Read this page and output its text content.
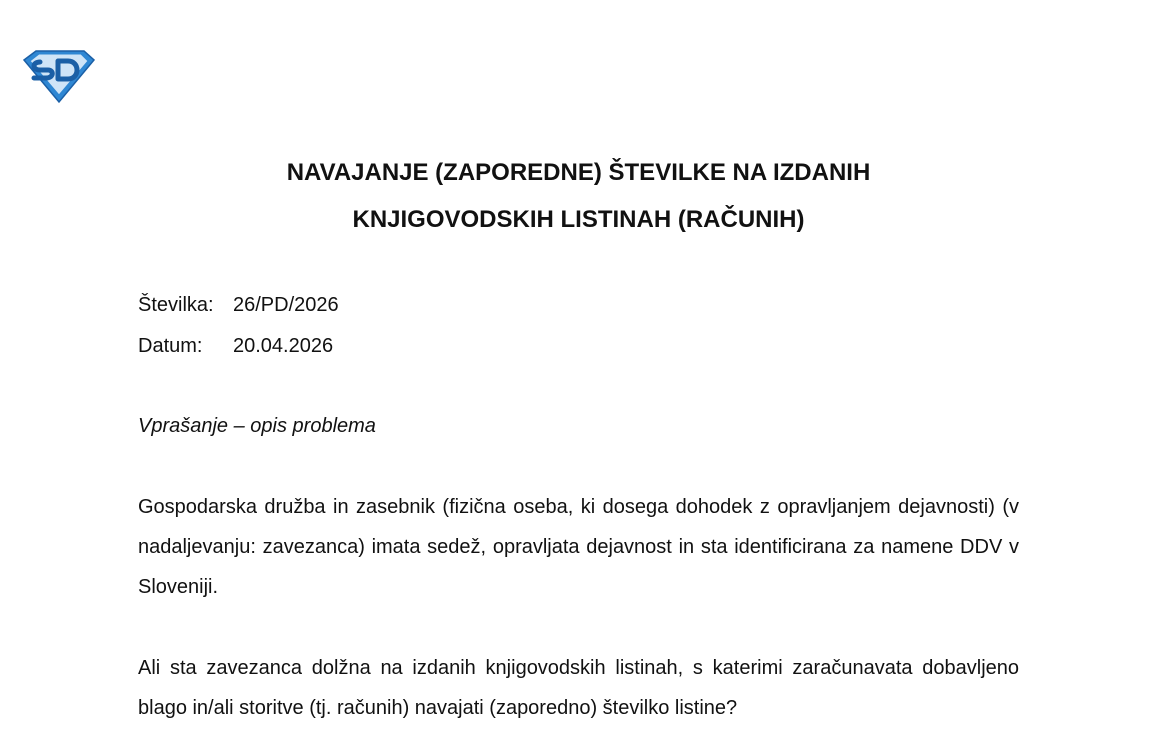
NAVAJANJE (ZAPOREDNE) ŠTEVILKE NA IZDANIH
KNJIGOVODSKIH LISTINAH (RAČUNIH)
Številka: 26/PD/2026
Datum: 20.04.2026

Vprašanje – opis problema

Gospodarska družba in zasebnik (fizična oseba, ki dosega dohodek z opravljanjem dejavnosti) (v nadaljevanju: zavezanca) imata sedež, opravljata dejavnost in sta identificirana za namene DDV v Sloveniji.

Ali sta zavezanca dolžna na izdanih knjigovodskih listinah, s katerimi zaračunavata dobavljeno blago in/ali storitve (tj. računih) navajati (zaporedno) številko listine?
